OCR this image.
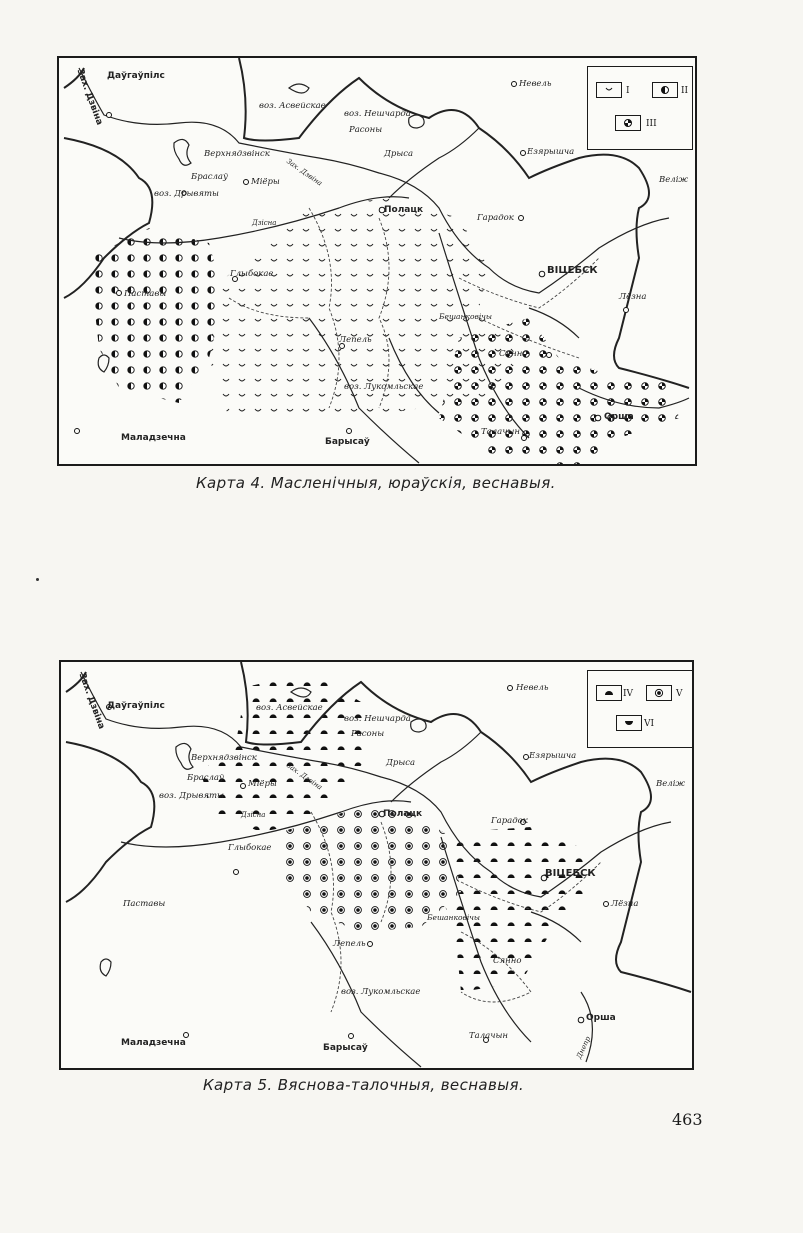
Зах. Дзвіна Даўгаўпілс
Невель
воз. Асвейскае
воз. Нешчарда
Расоны
Верхнядзвінск
Браслаў
воз. Дрывяты
Міёры Зах. Дзвіна
Дрыса	Езярышча
Веліж
Дзісна
Полацк
Гарадок
ВІЦЕБСК
Глыбокае
Паставы
Бешанковічы
Лёзна
Лепель
Сянно
воз. Лукомльскае
Орша
Талачын
Маладзечна	Барысаў
I	II
III
Карта 4. Масленічныя, юраўскія, веснавыя.
Зах. Дзвіна Даўгаўпілс
Невель
воз. Асвейскае
воз. Нешчарда
Расоны
Дрыса
Верхнядзвінск
Браслаў
воз. Дрывяты
Міёры
Езярышча
Веліж
Зах. Дзвіна
Дзісна	Полацк
Гарадок
ВІЦЕБСК
Глыбокае
Паставы	Лёзна
Бешанковічы
Лепель
Сянно
воз. Лукомльскае
Орша
Талачын	Днепр
Маладзечна	Барысаў
IV	V
VI
Карта 5. Вяснова-талочныя, веснавыя.
463
